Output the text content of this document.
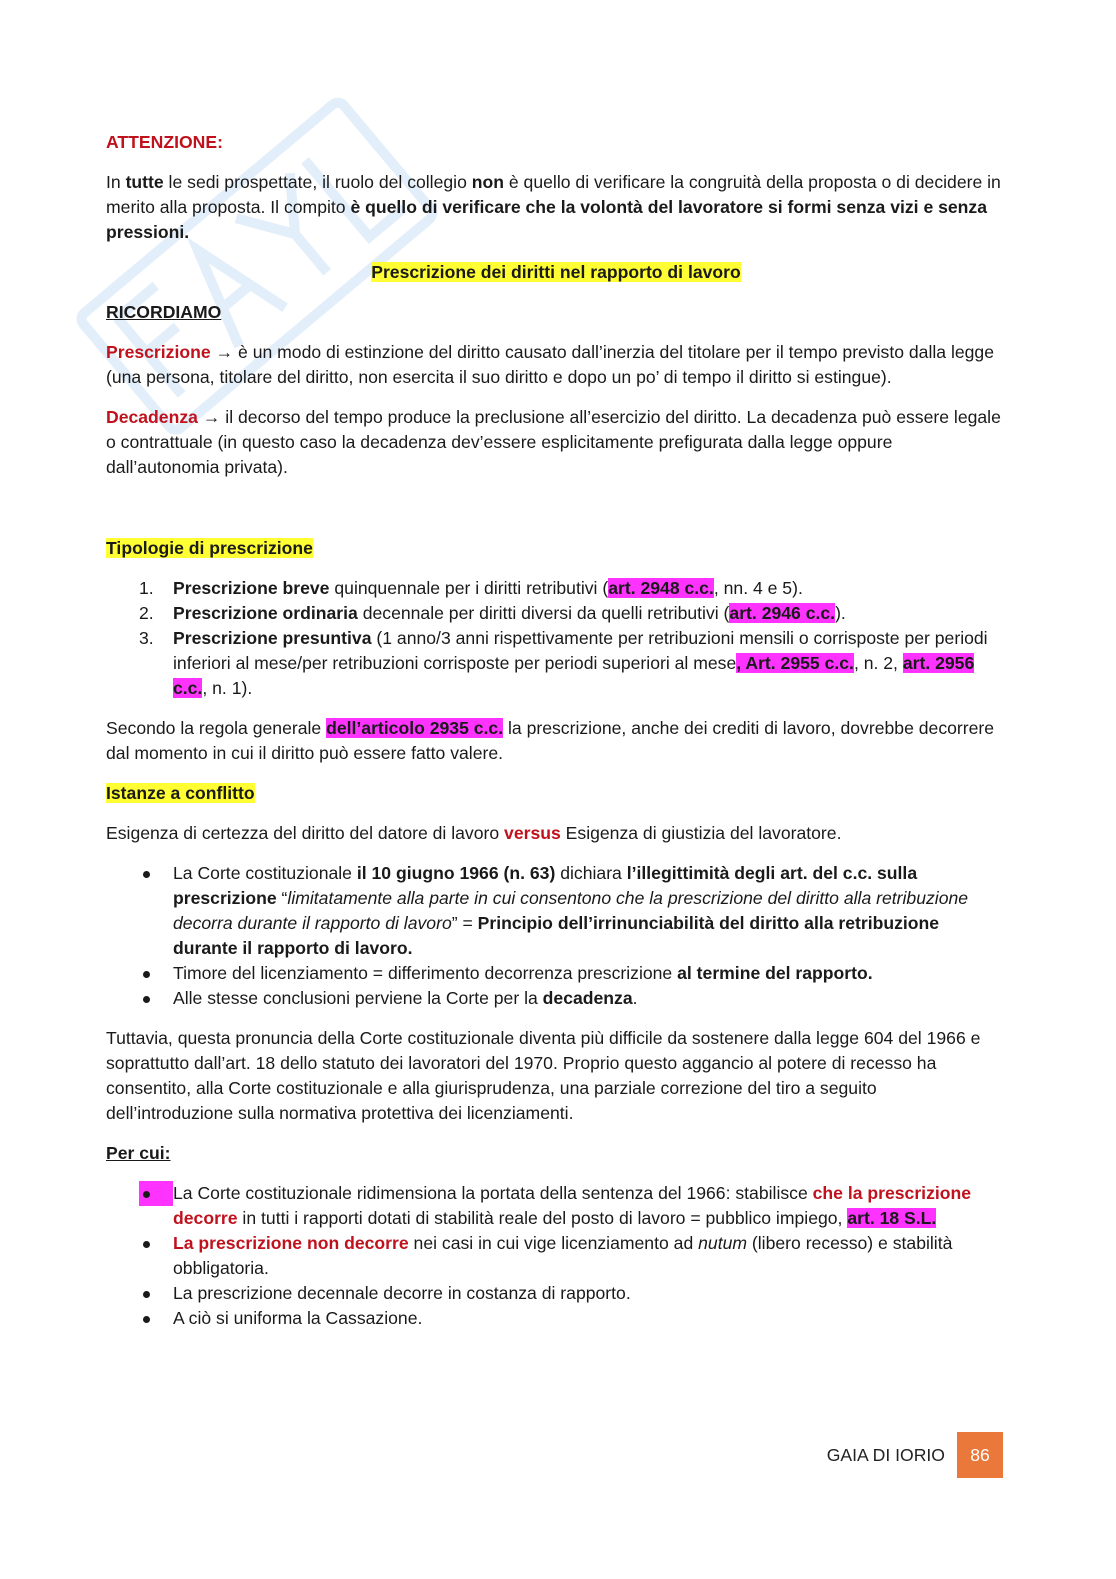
ATTENZIONE:

In tutte le sedi prospettate, il ruolo del collegio non è quello di verificare la congruità della proposta o di decidere in merito alla proposta. Il compito è quello di verificare che la volontà del lavoratore si formi senza vizi e senza pressioni.

Prescrizione dei diritti nel rapporto di lavoro

RICORDIAMO

Prescrizione → è un modo di estinzione del diritto causato dall’inerzia del titolare per il tempo previsto dalla legge (una persona, titolare del diritto, non esercita il suo diritto e dopo un po’ di tempo il diritto si estingue).

Decadenza → il decorso del tempo produce la preclusione all’esercizio del diritto. La decadenza può essere legale o contrattuale (in questo caso la decadenza dev’essere esplicitamente prefigurata dalla legge oppure dall’autonomia privata).

Tipologie di prescrizione

1. Prescrizione breve quinquennale per i diritti retributivi (art. 2948 c.c., nn. 4 e 5).
2. Prescrizione ordinaria decennale per diritti diversi da quelli retributivi (art. 2946 c.c.).
3. Prescrizione presuntiva (1 anno/3 anni rispettivamente per retribuzioni mensili o corrisposte per periodi inferiori al mese/per retribuzioni corrisposte per periodi superiori al mese, Art. 2955 c.c., n. 2, art. 2956 c.c., n. 1).

Secondo la regola generale dell’articolo 2935 c.c. la prescrizione, anche dei crediti di lavoro, dovrebbe decorrere dal momento in cui il diritto può essere fatto valere.

Istanze a conflitto

Esigenza di certezza del diritto del datore di lavoro versus Esigenza di giustizia del lavoratore.

La Corte costituzionale il 10 giugno 1966 (n. 63) dichiara l’illegittimità degli art. del c.c. sulla prescrizione “limitatamente alla parte in cui consentono che la prescrizione del diritto alla retribuzione decorra durante il rapporto di lavoro” = Principio dell’irrinunciabilità del diritto alla retribuzione durante il rapporto di lavoro.
Timore del licenziamento = differimento decorrenza prescrizione al termine del rapporto.
Alle stesse conclusioni perviene la Corte per la decadenza.

Tuttavia, questa pronuncia della Corte costituzionale diventa più difficile da sostenere dalla legge 604 del 1966 e soprattutto dall’art. 18 dello statuto dei lavoratori del 1970. Proprio questo aggancio al potere di recesso ha consentito, alla Corte costituzionale e alla giurisprudenza, una parziale correzione del tiro a seguito dell’introduzione sulla normativa protettiva dei licenziamenti.

Per cui:

La Corte costituzionale ridimensiona la portata della sentenza del 1966: stabilisce che la prescrizione decorre in tutti i rapporti dotati di stabilità reale del posto di lavoro = pubblico impiego, art. 18 S.L.
La prescrizione non decorre nei casi in cui vige licenziamento ad nutum (libero recesso) e stabilità obbligatoria.
La prescrizione decennale decorre in costanza di rapporto.
A ciò si uniforma la Cassazione.
GAIA DI IORIO	86
